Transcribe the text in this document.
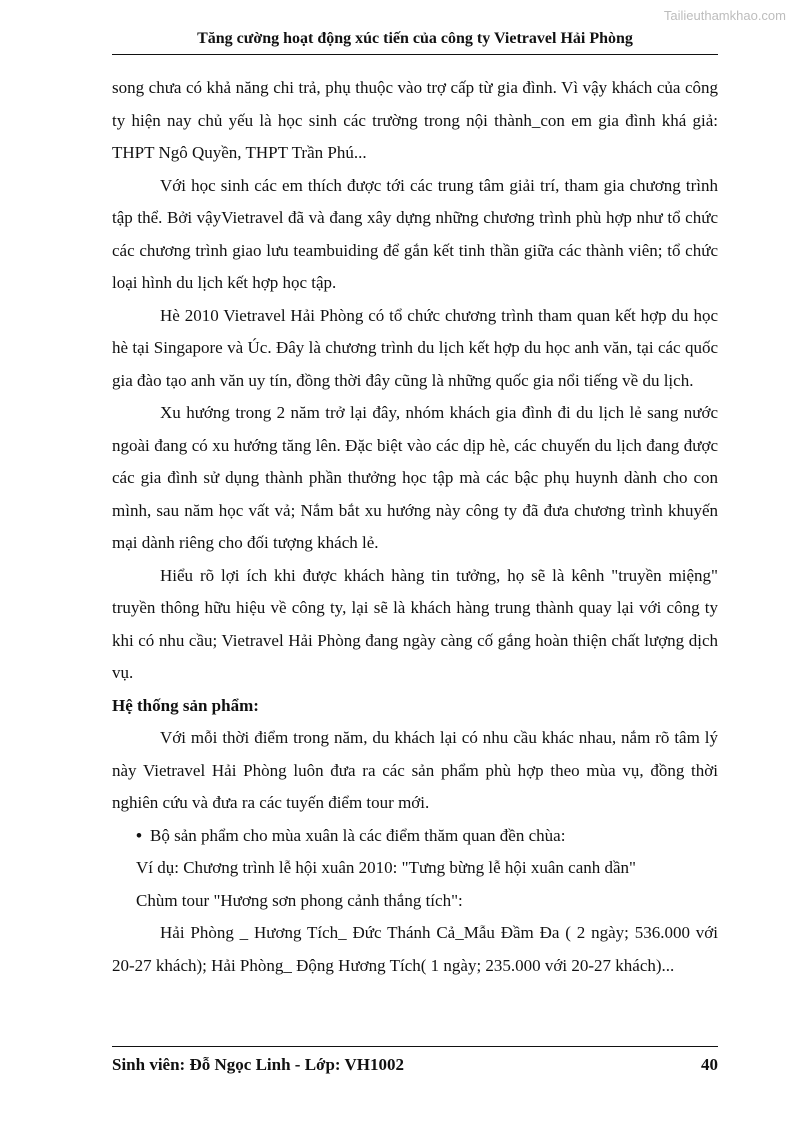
Tailieuthamkhao.com
Tăng cường hoạt động xúc tiến của công ty Vietravel Hải Phòng

song chưa có khả năng chi trả, phụ thuộc vào trợ cấp từ gia đình. Vì vậy khách của công ty hiện nay chủ yếu là học sinh các trường trong nội thành_con em gia đình khá giả: THPT Ngô Quyền, THPT Trần Phú...

Với học sinh các em thích được tới các trung tâm giải trí, tham gia chương trình tập thể. Bởi vậyVietravel đã và đang xây dựng những chương trình phù hợp như tổ chức các chương trình giao lưu teambuiding để gắn kết tinh thần giữa các thành viên; tổ chức loại hình du lịch kết hợp học tập.

Hè 2010 Vietravel Hải Phòng có tổ chức chương trình tham quan kết hợp du học hè tại Singapore và Úc. Đây là chương trình du lịch kết hợp du học anh văn, tại các quốc gia đào tạo anh văn uy tín, đồng thời đây cũng là những quốc gia nổi tiếng về du lịch.

Xu hướng trong 2 năm trở lại đây, nhóm khách gia đình đi du lịch lẻ sang nước ngoài đang có xu hướng tăng lên. Đặc biệt vào các dịp hè, các chuyến du lịch đang được các gia đình sử dụng thành phần thưởng học tập mà các bậc phụ huynh dành cho con mình, sau năm học vất vả; Nắm bắt xu hướng này công ty đã đưa chương trình khuyến mại dành riêng cho đối tượng khách lẻ.

Hiểu rõ lợi ích khi được khách hàng tin tưởng, họ sẽ là kênh "truyền miệng" truyền thông hữu hiệu về công ty, lại sẽ là khách hàng trung thành quay lại với công ty khi có nhu cầu; Vietravel Hải Phòng đang ngày càng cố gắng hoàn thiện chất lượng dịch vụ.

Hệ thống sản phẩm:

Với mỗi thời điểm trong năm, du khách lại có nhu cầu khác nhau, nắm rõ tâm lý này Vietravel Hải Phòng luôn đưa ra các sản phẩm phù hợp theo mùa vụ, đồng thời nghiên cứu và đưa ra các tuyến điểm tour mới.

• Bộ sản phẩm cho mùa xuân là các điểm thăm quan đền chùa:

Ví dụ: Chương trình lễ hội xuân 2010: "Tưng bừng lễ hội xuân canh dần"

Chùm tour "Hương sơn phong cảnh thắng tích":

Hải Phòng _ Hương Tích_ Đức Thánh Cả_Mẫu Đầm Đa ( 2 ngày; 536.000 với 20-27 khách); Hải Phòng_ Động Hương Tích( 1 ngày; 235.000 với 20-27 khách)...

Sinh viên: Đỗ Ngọc Linh - Lớp: VH1002	40
